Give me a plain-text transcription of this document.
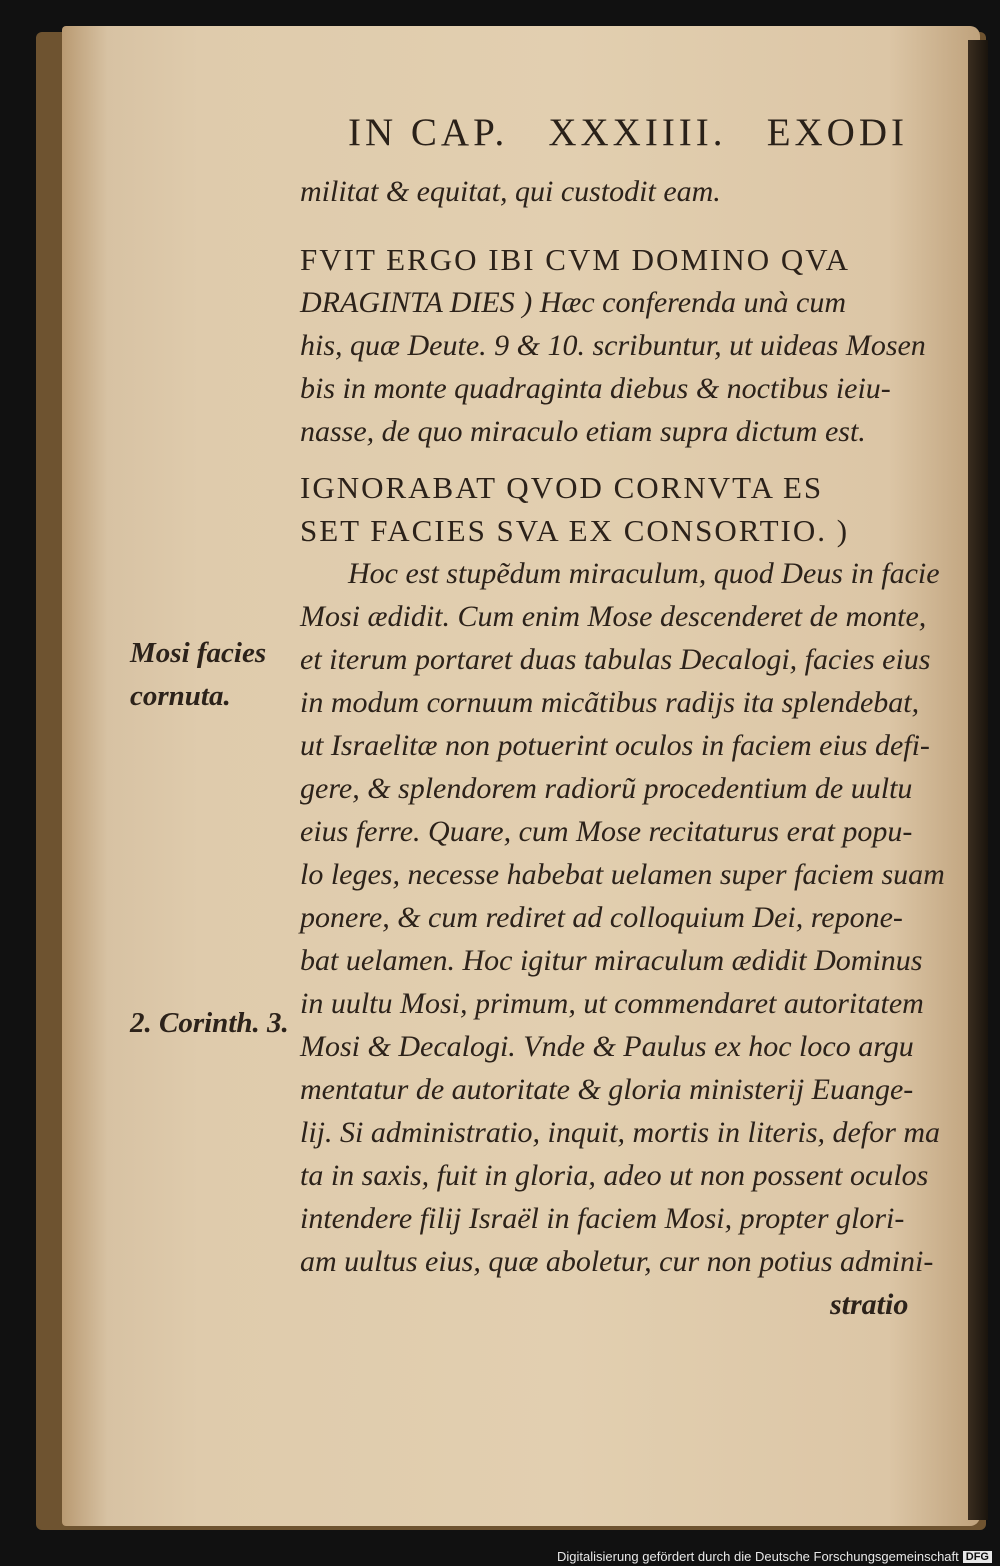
IN CAP. XXXIIII. EXODI
militat & equitat, qui custodit eam.
FVIT ERGO IBI CVM DOMINO QVA
DRAGINTA DIES ) Hæc conferenda unà cum
his, quæ Deute. 9 & 10. scribuntur, ut uideas Mosen
bis in monte quadraginta diebus & noctibus ieiu-
nasse, de quo miraculo etiam supra dictum est.
IGNORABAT QVOD CORNVTA ES
SET FACIES SVA EX CONSORTIO. )
Hoc est stupẽdum miraculum, quod Deus in facie
Mosi ædidit. Cum enim Mose descenderet de monte,
et iterum portaret duas tabulas Decalogi, facies eius
in modum cornuum micãtibus radijs ita splendebat,
ut Israelitæ non potuerint oculos in faciem eius defi-
gere, & splendorem radiorũ procedentium de uultu
eius ferre. Quare, cum Mose recitaturus erat popu-
lo leges, necesse habebat uelamen super faciem suam
ponere, & cum rediret ad colloquium Dei, repone-
bat uelamen. Hoc igitur miraculum ædidit Dominus
in uultu Mosi, primum, ut commendaret autoritatem
Mosi & Decalogi. Vnde & Paulus ex hoc loco argu
mentatur de autoritate & gloria ministerij Euange-
lij. Si administratio, inquit, mortis in literis, defor ma
ta in saxis, fuit in gloria, adeo ut non possent oculos
intendere filij Israël in faciem Mosi, propter glori-
am uultus eius, quæ aboletur, cur non potius admini-
stratio
Mosi facies
cornuta.
2. Corinth. 3.
Digitalisierung gefördert durch die Deutsche Forschungsgemeinschaft DFG
